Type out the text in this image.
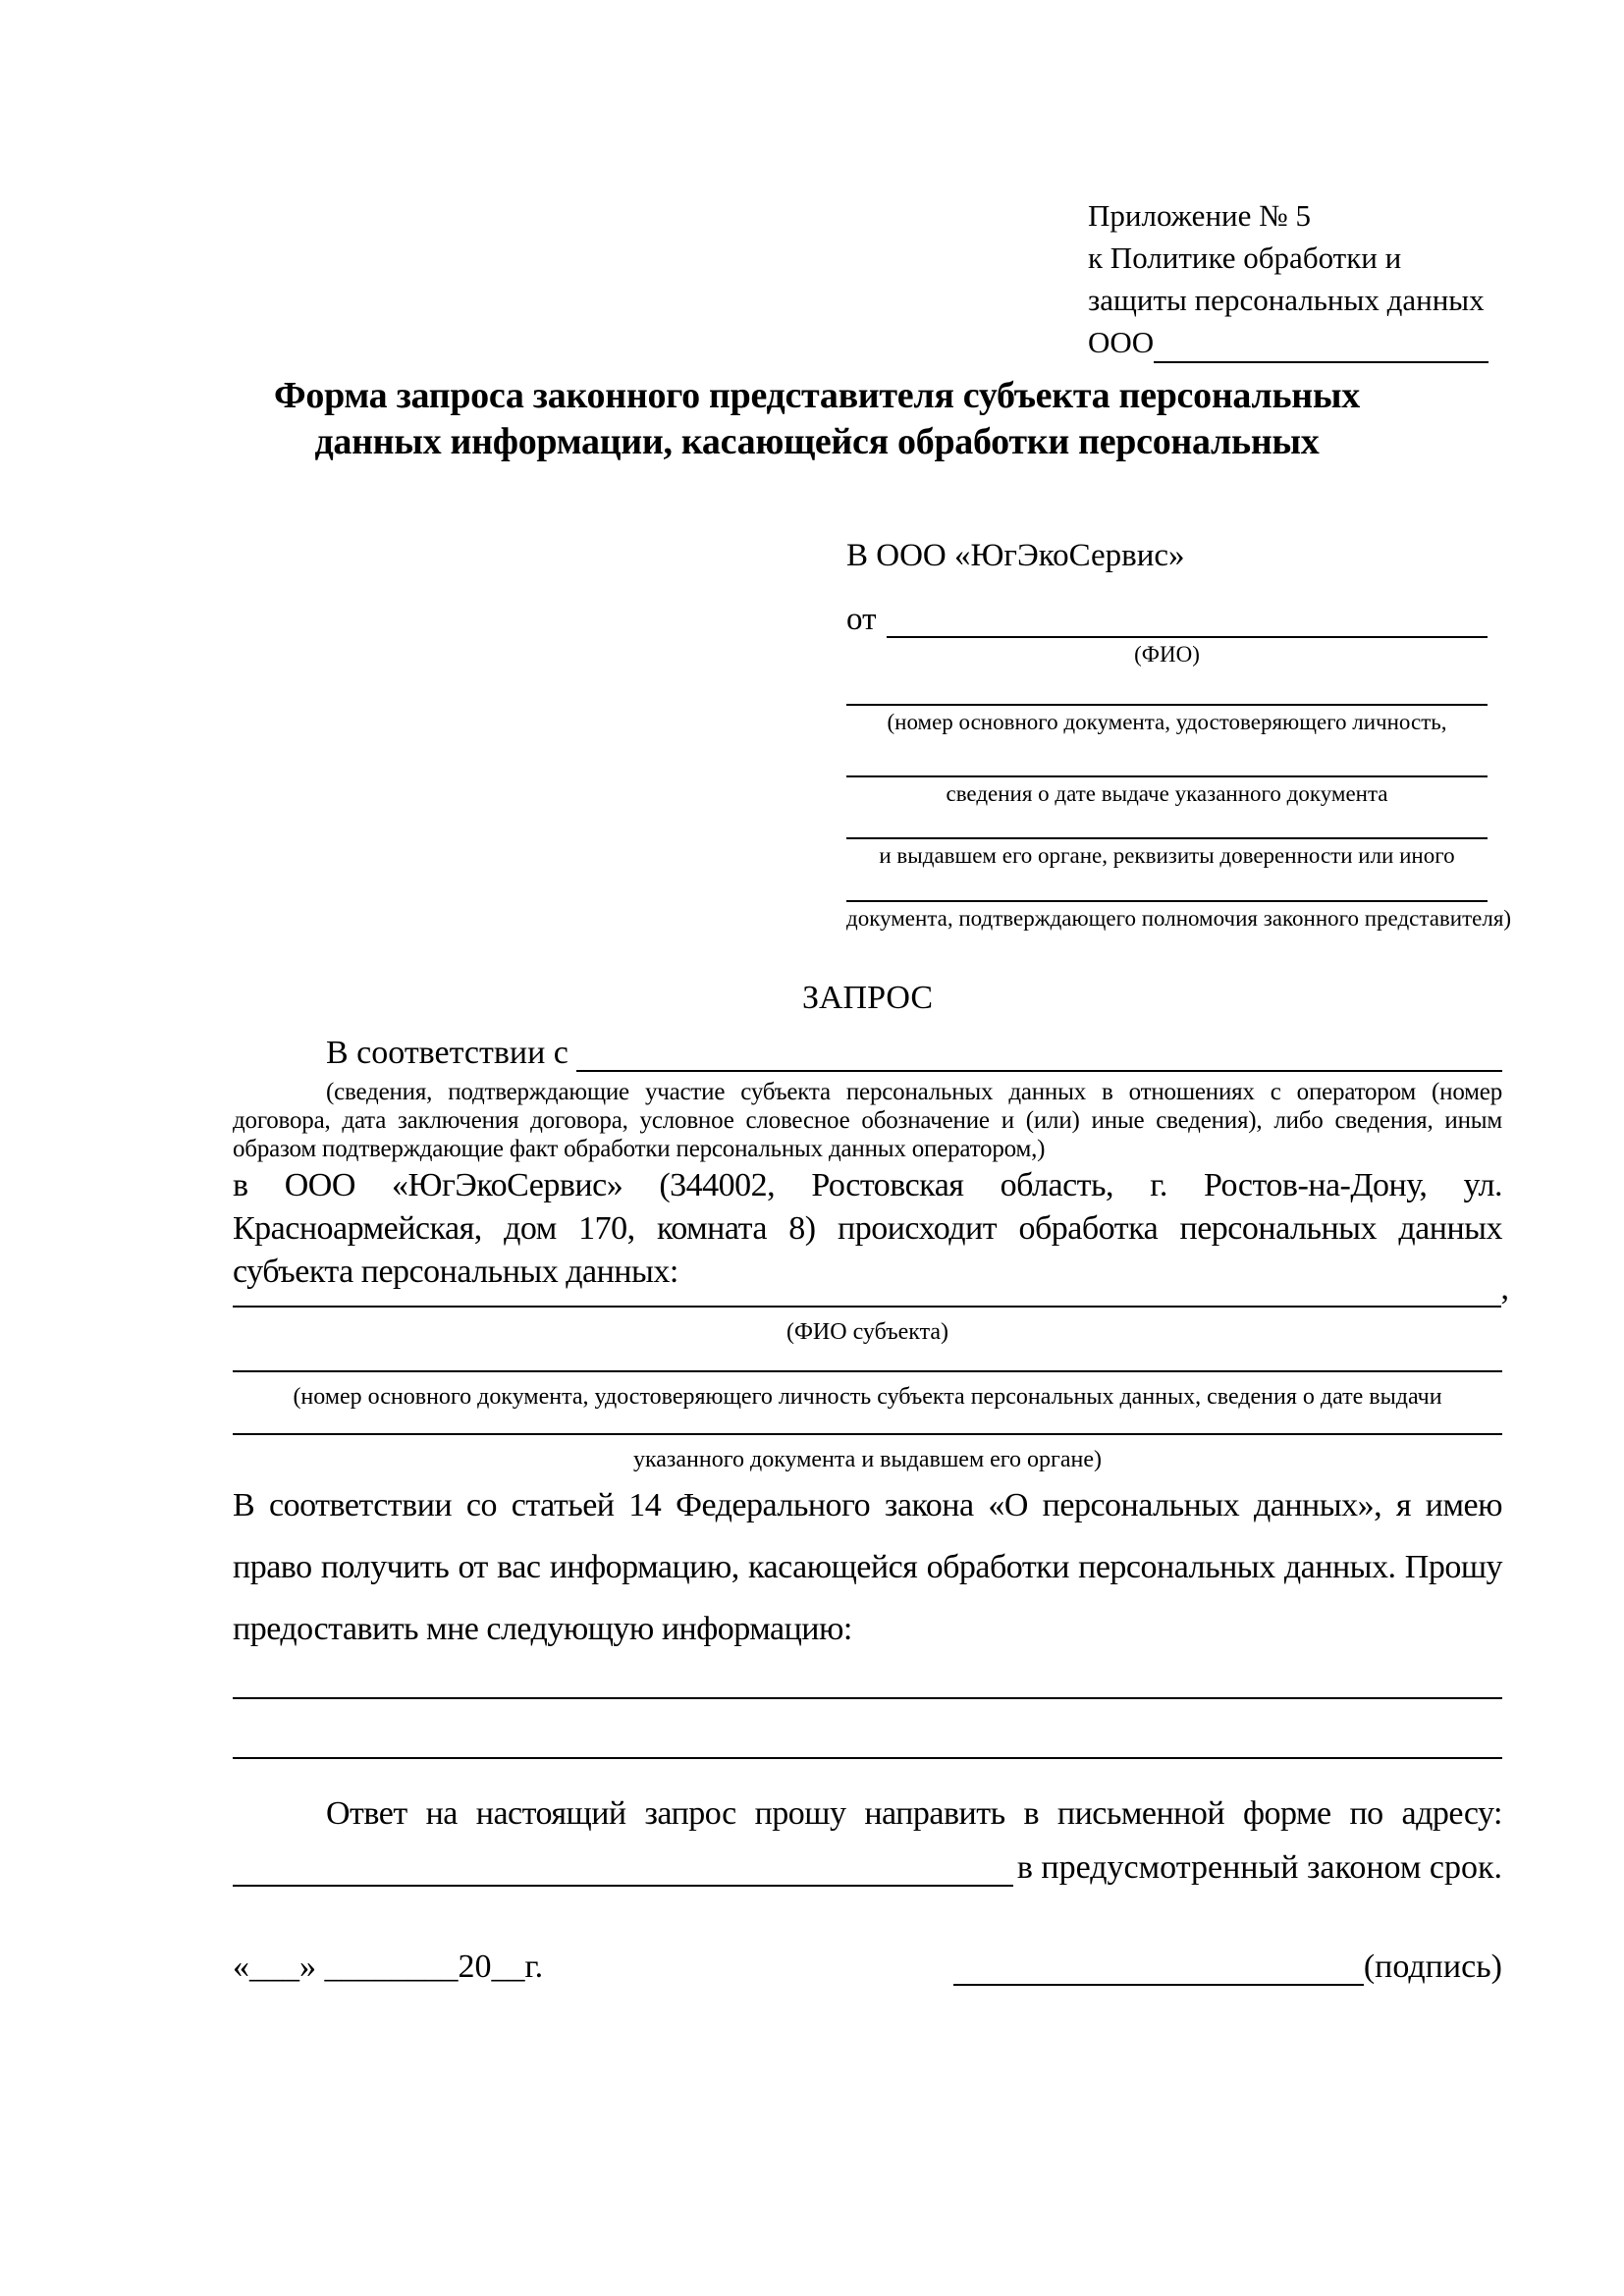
Приложение № 5
к Политике обработки и
защиты персональных данных
ООО
Форма запроса законного представителя субъекта персональных
данных информации, касающейся обработки персональных
В ООО «ЮгЭкоСервис»
от
(ФИО)
(номер основного документа, удостоверяющего личность,
сведения о дате выдаче указанного документа
и выдавшем его органе, реквизиты доверенности или иного
документа, подтверждающего полномочия законного представителя)
ЗАПРОС
В соответствии с
(сведения, подтверждающие участие субъекта персональных данных в отношениях с оператором (номер договора, дата заключения договора, условное словесное обозначение и (или) иные сведения), либо сведения, иным образом подтверждающие факт обработки персональных данных оператором,)
в ООО «ЮгЭкоСервис» (344002, Ростовская область, г. Ростов-на-Дону, ул. Красноармейская, дом 170, комната 8) происходит обработка персональных данных субъекта персональных данных:	,
(ФИО субъекта)
(номер основного документа, удостоверяющего личность субъекта персональных данных, сведения о дате выдачи
указанного документа и выдавшем его органе)
В соответствии со статьей 14 Федерального закона «О персональных данных», я имею право получить от вас информацию, касающейся обработки персональных данных. Прошу предоставить мне следующую информацию:
Ответ на настоящий запрос прошу направить в письменной форме по адресу:
в предусмотренный законом срок.
«___» ________20__г.	(подпись)
